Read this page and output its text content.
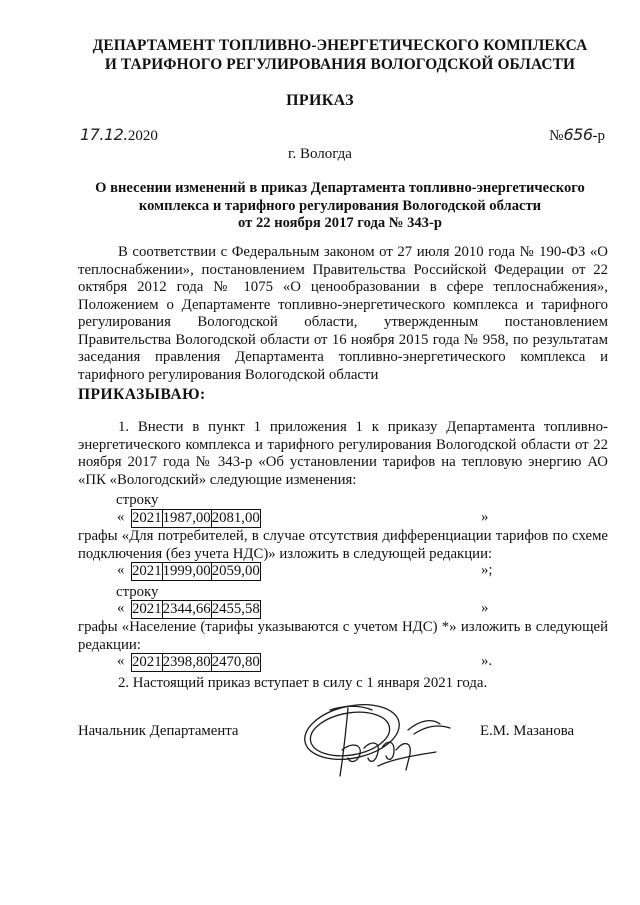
ДЕПАРТАМЕНТ ТОПЛИВНО-ЭНЕРГЕТИЧЕСКОГО КОМПЛЕКСА
И ТАРИФНОГО РЕГУЛИРОВАНИЯ ВОЛОГОДСКОЙ ОБЛАСТИ
ПРИКАЗ
17.12.2020	№656-р
г. Вологда
О внесении изменений в приказ Департамента топливно-энергетического
комплекса и тарифного регулирования Вологодской области
от 22 ноября 2017 года № 343-р
В соответствии с Федеральным законом от 27 июля 2010 года № 190-ФЗ «О теплоснабжении», постановлением Правительства Российской Федерации от 22 октября 2012 года № 1075 «О ценообразовании в сфере теплоснабжения», Положением о Департаменте топливно-энергетического комплекса и тарифного регулирования Вологодской области, утвержденным постановлением Правительства Вологодской области от 16 ноября 2015 года № 958, по результатам заседания правления Департамента топливно-энергетического комплекса и тарифного регулирования Вологодской области
ПРИКАЗЫВАЮ:
1. Внести в пункт 1 приложения 1 к приказу Департамента топливно-энергетического комплекса и тарифного регулирования Вологодской области от 22 ноября 2017 года № 343-р «Об установлении тарифов на тепловую энергию АО «ПК «Вологодский» следующие изменения:
строку
« 2021	1987,00	2081,00	»
графы «Для потребителей, в случае отсутствия дифференциации тарифов по схеме подключения (без учета НДС)» изложить в следующей редакции:
« 2021	1999,00	2059,00	»;
строку
« 2021	2344,66	2455,58	»
графы «Население (тарифы указываются с учетом НДС) *» изложить в следующей редакции:
« 2021	2398,80	2470,80	».
2. Настоящий приказ вступает в силу с 1 января 2021 года.
Начальник Департамента	Е.М. Мазанова
